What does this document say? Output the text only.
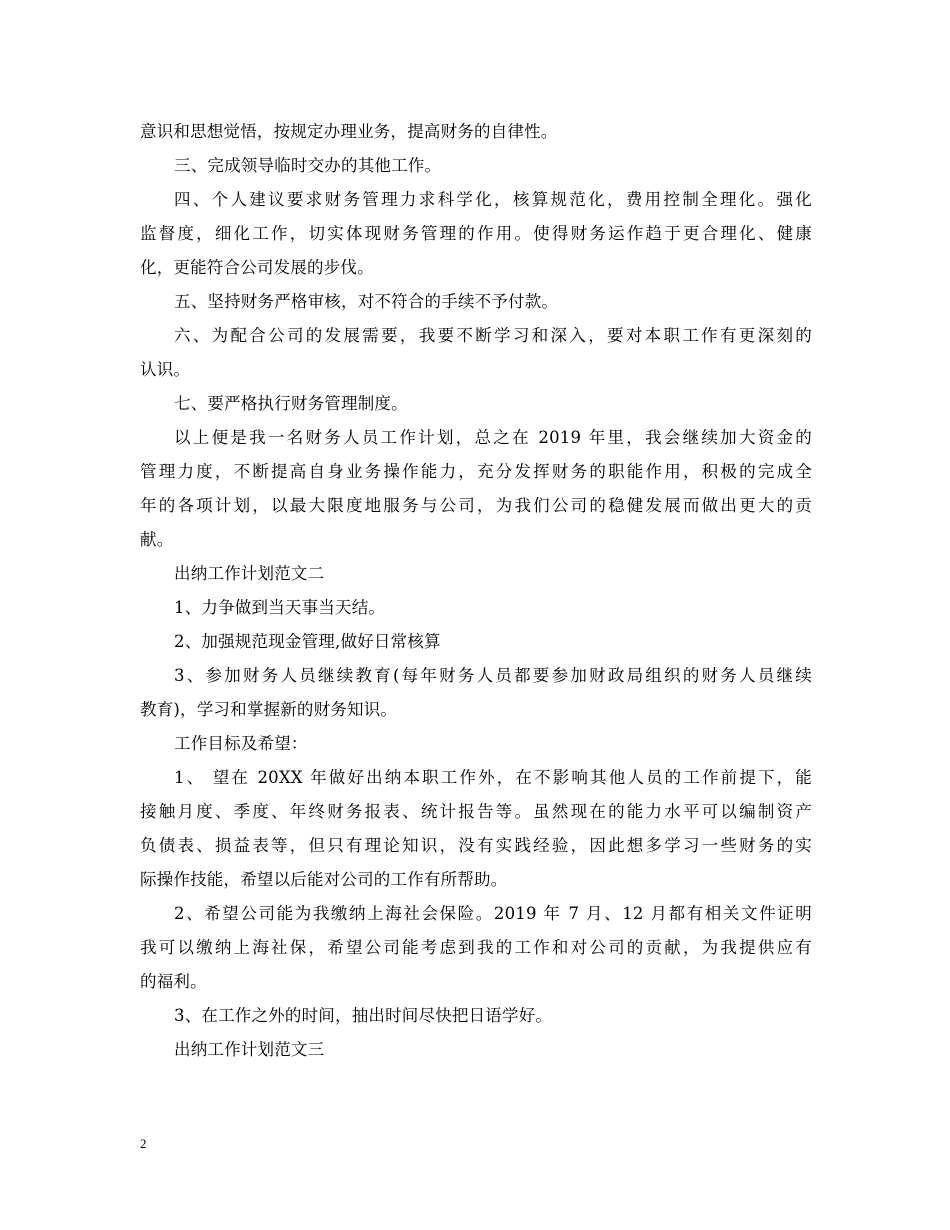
意识和思想觉悟，按规定办理业务，提高财务的自律性。
三、完成领导临时交办的其他工作。
四、个人建议要求财务管理力求科学化，核算规范化，费用控制全理化。强化
监督度，细化工作，切实体现财务管理的作用。使得财务运作趋于更合理化、健康
化，更能符合公司发展的步伐。
五、坚持财务严格审核，对不符合的手续不予付款。
六、为配合公司的发展需要，我要不断学习和深入，要对本职工作有更深刻的
认识。
七、要严格执行财务管理制度。
以上便是我一名财务人员工作计划，总之在 2019 年里，我会继续加大资金的
管理力度，不断提高自身业务操作能力，充分发挥财务的职能作用，积极的完成全
年的各项计划，以最大限度地服务与公司，为我们公司的稳健发展而做出更大的贡
献。
出纳工作计划范文二
1、力争做到当天事当天结。
2、加强规范现金管理,做好日常核算
3、参加财务人员继续教育(每年财务人员都要参加财政局组织的财务人员继续
教育)，学习和掌握新的财务知识。
工作目标及希望：
1、 望在 20XX 年做好出纳本职工作外，在不影响其他人员的工作前提下，能
接触月度、季度、年终财务报表、统计报告等。虽然现在的能力水平可以编制资产
负债表、损益表等，但只有理论知识，没有实践经验，因此想多学习一些财务的实
际操作技能，希望以后能对公司的工作有所帮助。
2、希望公司能为我缴纳上海社会保险。2019 年 7 月、12 月都有相关文件证明
我可以缴纳上海社保，希望公司能考虑到我的工作和对公司的贡献，为我提供应有
的福利。
3、在工作之外的时间，抽出时间尽快把日语学好。
出纳工作计划范文三
2
